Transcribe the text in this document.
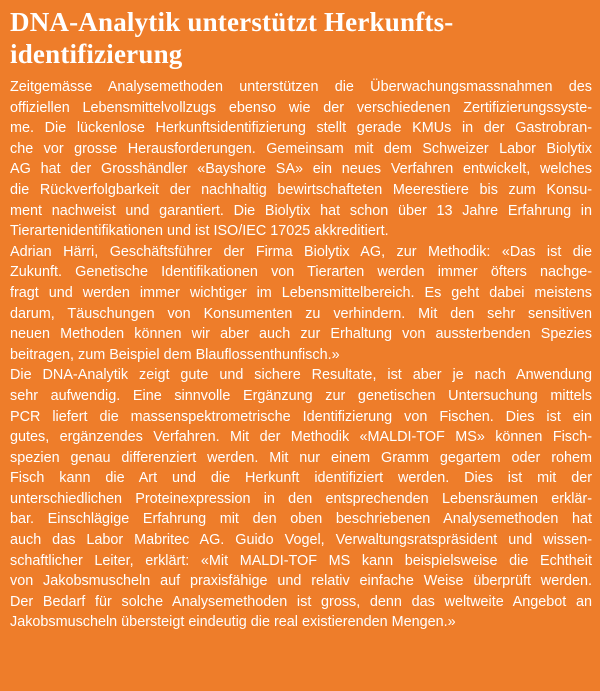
DNA-Analytik unterstützt Herkunfts-
identifizierung

Zeitgemässe Analysemethoden unterstützen die Überwachungsmassnahmen des
offiziellen Lebensmittelvollzugs ebenso wie der verschiedenen Zertifizierungssyste-
me. Die lückenlose Herkunftsidentifizierung stellt gerade KMUs in der Gastrobran-
che vor grosse Herausforderungen. Gemeinsam mit dem Schweizer Labor Biolytix
AG hat der Grosshändler «Bayshore SA» ein neues Verfahren entwickelt, welches
die Rückverfolgbarkeit der nachhaltig bewirtschafteten Meerestiere bis zum Konsu-
ment nachweist und garantiert. Die Biolytix hat schon über 13 Jahre Erfahrung in
Tierartenidentifikationen und ist ISO/IEC 17025 akkreditiert.

Adrian Härri, Geschäftsführer der Firma Biolytix AG, zur Methodik: «Das ist die
Zukunft. Genetische Identifikationen von Tierarten werden immer öfters nachge-
fragt und werden immer wichtiger im Lebensmittelbereich. Es geht dabei meistens
darum, Täuschungen von Konsumenten zu verhindern. Mit den sehr sensitiven
neuen Methoden können wir aber auch zur Erhaltung von aussterbenden Spezies
beitragen, zum Beispiel dem Blauflossenthunfisch.»

Die DNA-Analytik zeigt gute und sichere Resultate, ist aber je nach Anwendung
sehr aufwendig. Eine sinnvolle Ergänzung zur genetischen Untersuchung mittels
PCR liefert die massenspektrometrische Identifizierung von Fischen. Dies ist ein
gutes, ergänzendes Verfahren. Mit der Methodik «MALDI-TOF MS» können Fisch-
spezien genau differenziert werden. Mit nur einem Gramm gegartem oder rohem
Fisch kann die Art und die Herkunft identifiziert werden. Dies ist mit der
unterschiedlichen Proteinexpression in den entsprechenden Lebensräumen erklär-
bar. Einschlägige Erfahrung mit den oben beschriebenen Analysemethoden hat
auch das Labor Mabritec AG. Guido Vogel, Verwaltungsratspräsident und wissen-
schaftlicher Leiter, erklärt: «Mit MALDI-TOF MS kann beispielsweise die Echtheit
von Jakobsmuscheln auf praxisfähige und relativ einfache Weise überprüft werden.
Der Bedarf für solche Analysemethoden ist gross, denn das weltweite Angebot an
Jakobsmuscheln übersteigt eindeutig die real existierenden Mengen.»
